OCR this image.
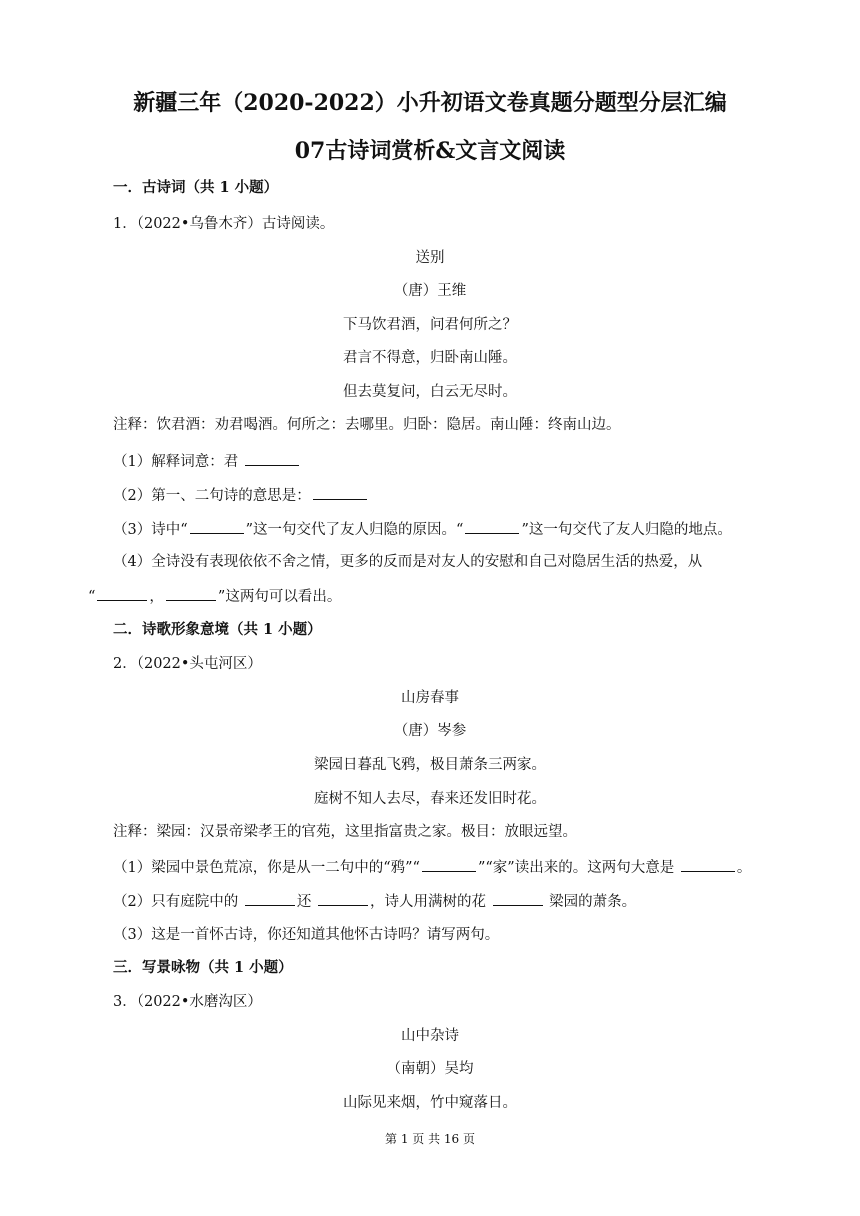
新疆三年（2020-2022）小升初语文卷真题分题型分层汇编
07古诗词赏析&文言文阅读
一．古诗词（共 1 小题）
1．（2022•乌鲁木齐）古诗阅读。
送别
（唐）王维
下马饮君酒，问君何所之？
君言不得意，归卧南山陲。
但去莫复问，白云无尽时。
注释：饮君酒：劝君喝酒。何所之：去哪里。归卧：隐居。南山陲：终南山边。
（1）解释词意：君
（2）第一、二句诗的意思是：
（3）诗中“	”这一句交代了友人归隐的原因。“	”这一句交代了友人归隐的地点。
（4）全诗没有表现依依不舍之情，更多的反而是对友人的安慰和自己对隐居生活的热爱，从
“	，	”这两句可以看出。
二．诗歌形象意境（共 1 小题）
2．（2022•头屯河区）
山房春事
（唐）岑参
梁园日暮乱飞鸦，极目萧条三两家。
庭树不知人去尽，春来还发旧时花。
注释：梁园：汉景帝梁孝王的官苑，这里指富贵之家。极目：放眼远望。
（1）梁园中景色荒凉，你是从一二句中的“鸦”“	”“家”读出来的。这两句大意是	。
（2）只有庭院中的	还	，诗人用满树的花	梁园的萧条。
（3）这是一首怀古诗，你还知道其他怀古诗吗？请写两句。
三．写景咏物（共 1 小题）
3．（2022•水磨沟区）
山中杂诗
（南朝）吴均
山际见来烟，竹中窥落日。
第 1 页 共 16 页
